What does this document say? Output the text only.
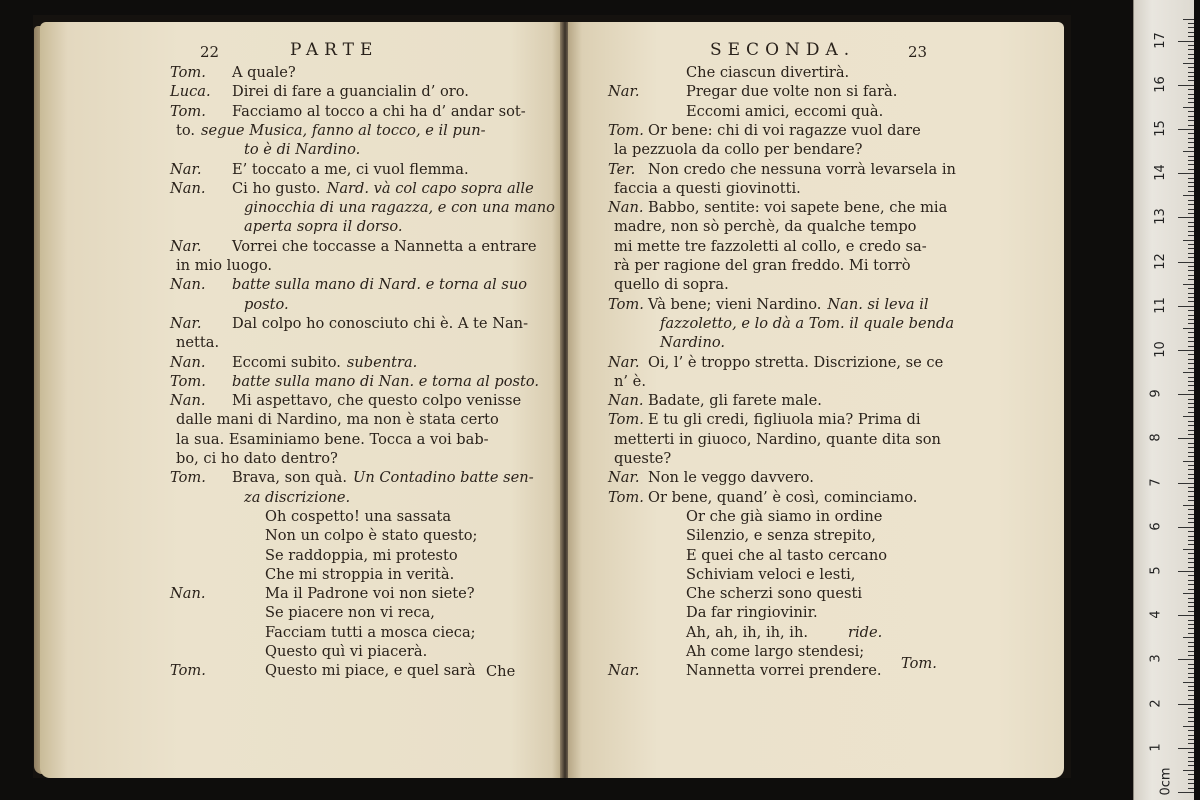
22	PARTE
Tom. A quale?
Luca. Direi di fare a guancialin d’ oro.
Tom. Facciamo al tocco a chi ha d’ andar sot-
to. segue Musica, fanno al tocco, e il pun-
to è di Nardino.
Nar. E’ toccato a me, ci vuol flemma.
Nan. Ci ho gusto. Nard. và col capo sopra alle
ginocchia di una ragazza, e con una mano
aperta sopra il dorso.
Nar. Vorrei che toccasse a Nannetta a entrare
in mio luogo.
Nan. batte sulla mano di Nard. e torna al suo
posto.
Nar. Dal colpo ho conosciuto chi è. A te Nan-
netta.
Nan. Eccomi subito. subentra.
Tom. batte sulla mano di Nan. e torna al posto.
Nan. Mi aspettavo, che questo colpo venisse
dalle mani di Nardino, ma non è stata certo
la sua. Esaminiamo bene. Tocca a voi bab-
bo, ci ho dato dentro?
Tom. Brava, son quà. Un Contadino batte sen-
za discrizione.
Oh cospetto! una sassata
Non un colpo è stato questo;
Se raddoppia, mi protesto
Che mi stroppia in verità.
Nan.	Ma il Padrone voi non siete?
Se piacere non vi reca,
Facciam tutti a mosca cieca;
Questo quì vi piacerà.
Tom.	Questo mi piace, e quel sarà Che
SECONDA.	23
Che ciascun divertirà.
Nar.	Pregar due volte non si farà.
Eccomi amici, eccomi quà.
Tom. Or bene: chi di voi ragazze vuol dare
la pezzuola da collo per bendare?
Ter. Non credo che nessuna vorrà levarsela in
faccia a questi giovinotti.
Nan. Babbo, sentite: voi sapete bene, che mia
madre, non sò perchè, da qualche tempo
mi mette tre fazzoletti al collo, e credo sa-
rà per ragione del gran freddo. Mi torrò
quello di sopra.
Tom. Và bene; vieni Nardino. Nan. si leva il
fazzoletto, e lo dà a Tom. il quale benda
Nardino.
Nar. Oi, l’ è troppo stretta. Discrizione, se ce
n’ è.
Nan. Badate, gli farete male.
Tom. E tu gli credi, figliuola mia? Prima di
metterti in giuoco, Nardino, quante dita son
queste?
Nar. Non le veggo davvero.
Tom. Or bene, quand’ è così, cominciamo.
Or che già siamo in ordine
Silenzio, e senza strepito,
E quei che al tasto cercano
Schiviam veloci e lesti,
Che scherzi sono questi
Da far ringiovinir.
Ah, ah, ih, ih, ih.	ride.
Ah come largo stendesi;
Nar.	Nannetta vorrei prendere. Tom.
0cm
1
2
3
4
5
6
7
8
9
10
11
12
13
14
15
16
17
